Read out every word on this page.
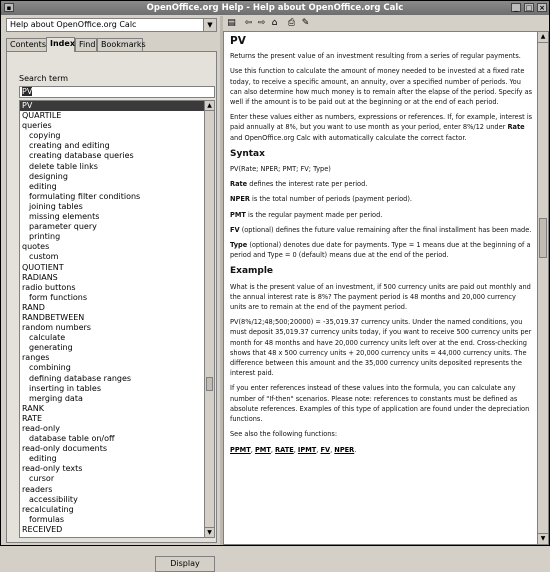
▪	OpenOffice.org Help - Help about OpenOffice.org Calc	_	□ ×
Help about OpenOffice.org Calc	▼
Contents Index Find Bookmarks
Search term
PV
PV
QUARTILE
queries
copying
creating and editing
creating database queries
delete table links
designing
editing
formulating filter conditions
joining tables
missing elements
parameter query
printing
quotes
custom
QUOTIENT
RADIANS
radio buttons
form functions
RAND
RANDBETWEEN
random numbers
calculate
generating
ranges
combining
defining database ranges
inserting in tables
merging data
RANK
RATE
read-only
database table on/off
read-only documents
editing
read-only texts
cursor
readers
accessibility
recalculating
formulas
RECEIVED
▲
▼
Display
▤ ⇦ ⇨ ⌂ ⎙ ✎
PV

Returns the present value of an investment resulting from a series of regular payments.

Use this function to calculate the amount of money needed to be invested at a fixed rate today, to receive a specific amount, an annuity, over a specified number of periods. You can also determine how much money is to remain after the elapse of the period. Specify as well if the amount is to be paid out at the beginning or at the end of each period.

Enter these values either as numbers, expressions or references. If, for example, interest is paid annually at 8%, but you want to use month as your period, enter 8%/12 under Rate and OpenOffice.org Calc with automatically calculate the correct factor.

Syntax

PV(Rate; NPER; PMT; FV; Type)

Rate defines the interest rate per period.

NPER is the total number of periods (payment period).

PMT is the regular payment made per period.

FV (optional) defines the future value remaining after the final installment has been made.

Type (optional) denotes due date for payments. Type = 1 means due at the beginning of a period and Type = 0 (default) means due at the end of the period.

Example

What is the present value of an investment, if 500 currency units are paid out monthly and the annual interest rate is 8%? The payment period is 48 months and 20,000 currency units are to remain at the end of the payment period.

PV(8%/12;48;500;20000) = -35,019.37 currency units. Under the named conditions, you must deposit 35,019.37 currency units today, if you want to receive 500 currency units per month for 48 months and have 20,000 currency units left over at the end. Cross-checking shows that 48 x 500 currency units + 20,000 currency units = 44,000 currency units. The difference between this amount and the 35,000 currency units deposited represents the interest paid.

If you enter references instead of these values into the formula, you can calculate any number of "If-then" scenarios. Please note: references to constants must be defined as absolute references. Examples of this type of application are found under the depreciation functions.

See also the following functions:

PPMT, PMT, RATE, IPMT, FV, NPER.

▲
▼
